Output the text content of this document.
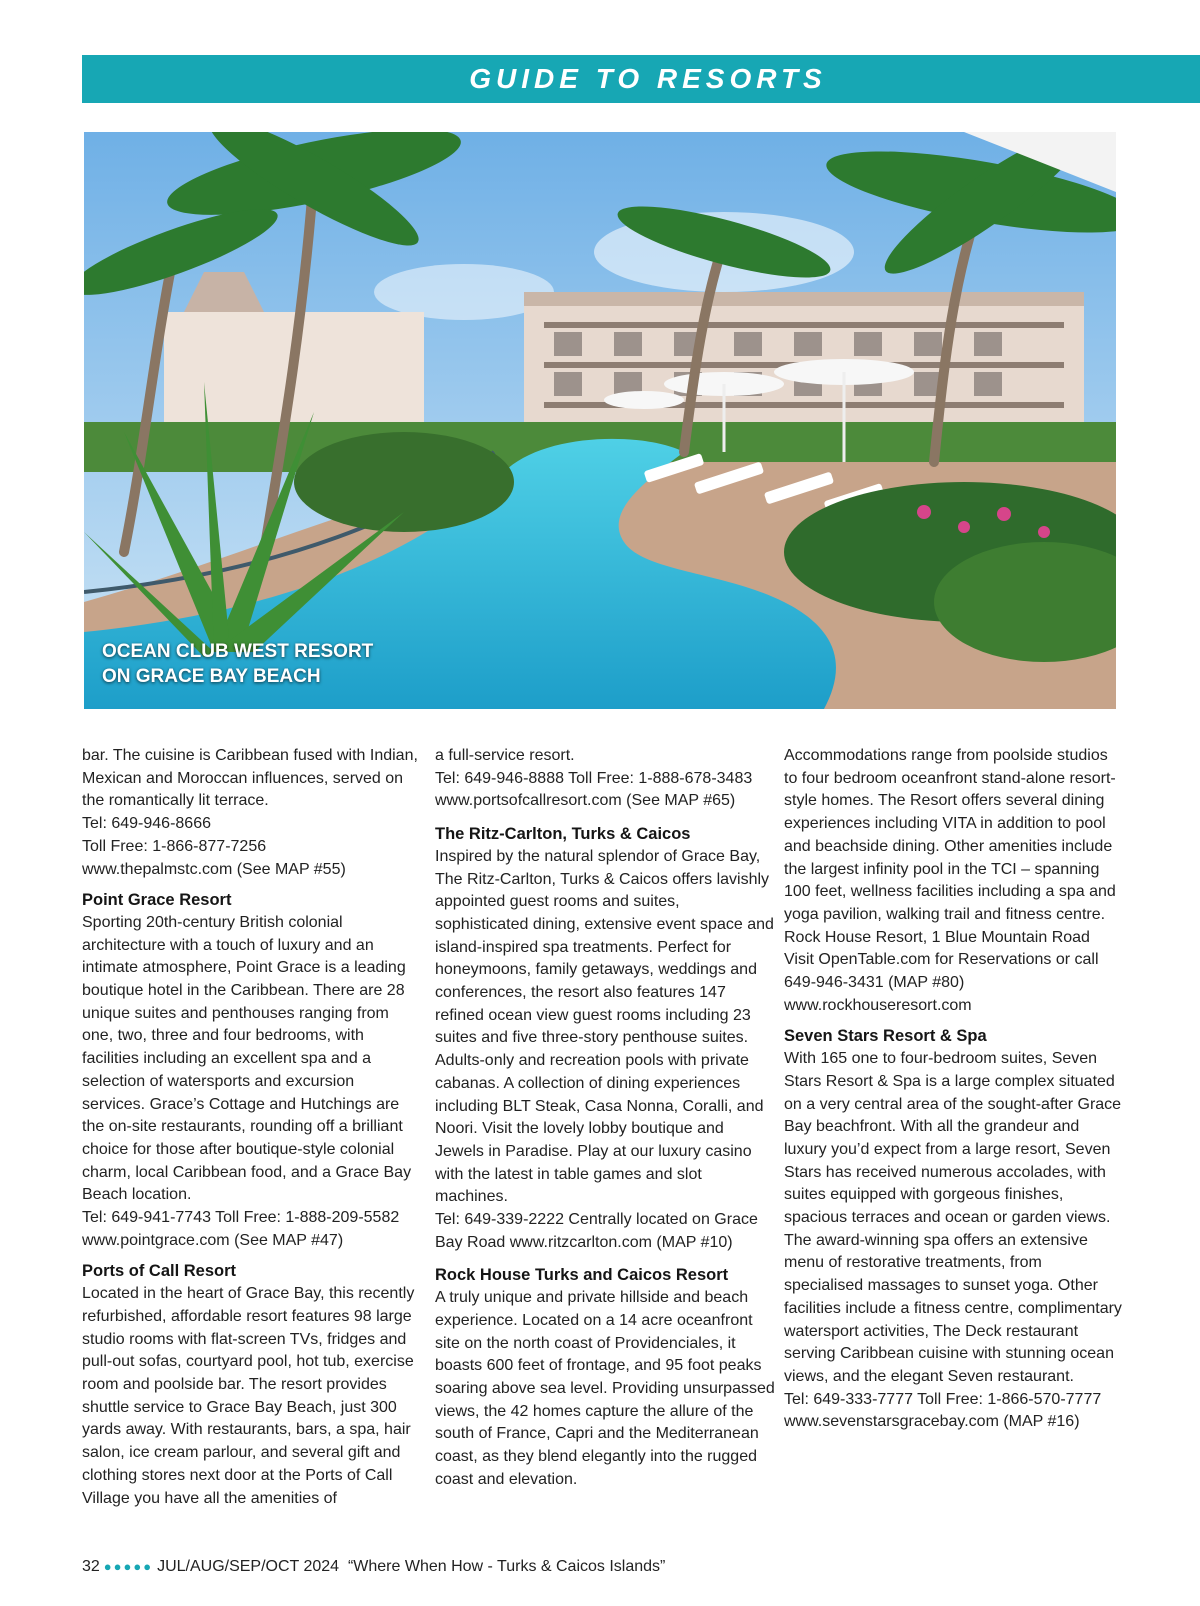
GUIDE TO RESORTS
OCEAN CLUB WEST RESORT
ON GRACE BAY BEACH

bar. The cuisine is Caribbean fused with Indian, Mexican and Moroccan influences, served on the romantically lit terrace.

Tel: 649-946-8666

Toll Free: 1-866-877-7256

www.thepalmstc.com (See MAP #55)

Point Grace Resort

Sporting 20th-century British colonial architecture with a touch of luxury and an intimate atmosphere, Point Grace is a leading boutique hotel in the Caribbean. There are 28 unique suites and penthouses ranging from one, two, three and four bedrooms, with facilities including an excellent spa and a selection of watersports and excursion services. Grace’s Cottage and Hutchings are the on-site restaurants, rounding off a brilliant choice for those after boutique-style colonial charm, local Caribbean food, and a Grace Bay Beach location.

Tel: 649-941-7743 Toll Free: 1-888-209-5582

www.pointgrace.com (See MAP #47)

Ports of Call Resort

Located in the heart of Grace Bay, this recently refurbished, affordable resort features 98 large studio rooms with flat-screen TVs, fridges and pull-out sofas, courtyard pool, hot tub, exercise room and poolside bar. The resort provides shuttle service to Grace Bay Beach, just 300 yards away. With restaurants, bars, a spa, hair salon, ice cream parlour, and several gift and clothing stores next door at the Ports of Call Village you have all the amenities of

a full-service resort.

Tel: 649-946-8888 Toll Free: 1-888-678-3483

www.portsofcallresort.com (See MAP #65)

The Ritz-Carlton, Turks & Caicos

Inspired by the natural splendor of Grace Bay, The Ritz-Carlton, Turks & Caicos offers lavishly appointed guest rooms and suites, sophisticated dining, extensive event space and island-inspired spa treatments. Perfect for honeymoons, family getaways, weddings and conferences, the resort also features 147 refined ocean view guest rooms including 23 suites and five three-story penthouse suites. Adults-only and recreation pools with private cabanas. A collection of dining experiences including BLT Steak, Casa Nonna, Coralli, and Noori. Visit the lovely lobby boutique and Jewels in Paradise. Play at our luxury casino with the latest in table games and slot machines.

Tel: 649-339-2222 Centrally located on Grace Bay Road www.ritzcarlton.com (MAP #10)

Rock House Turks and Caicos Resort

A truly unique and private hillside and beach experience. Located on a 14 acre oceanfront site on the north coast of Providenciales, it boasts 600 feet of frontage, and 95 foot peaks soaring above sea level. Providing unsurpassed views, the 42 homes capture the allure of the south of France, Capri and the Mediterranean coast, as they blend elegantly into the rugged coast and elevation.

Accommodations range from poolside studios to four bedroom oceanfront stand-alone resort-style homes. The Resort offers several dining experiences including VITA in addition to pool and beachside dining. Other amenities include the largest infinity pool in the TCI – spanning 100 feet, wellness facilities including a spa and yoga pavilion, walking trail and fitness centre.

Rock House Resort, 1 Blue Mountain Road

Visit OpenTable.com for Reservations or call 649-946-3431 (MAP #80)

www.rockhouseresort.com

Seven Stars Resort & Spa

With 165 one to four-bedroom suites, Seven Stars Resort & Spa is a large complex situated on a very central area of the sought-after Grace Bay beachfront. With all the grandeur and luxury you’d expect from a large resort, Seven Stars has received numerous accolades, with suites equipped with gorgeous finishes, spacious terraces and ocean or garden views. The award-winning spa offers an extensive menu of restorative treatments, from specialised massages to sunset yoga. Other facilities include a fitness centre, complimentary watersport activities, The Deck restaurant serving Caribbean cuisine with stunning ocean views, and the elegant Seven restaurant.

Tel: 649-333-7777 Toll Free: 1-866-570-7777

www.sevenstarsgracebay.com (MAP #16)

32 ●●●●● JUL/AUG/SEP/OCT 2024 “Where When How - Turks & Caicos Islands”
